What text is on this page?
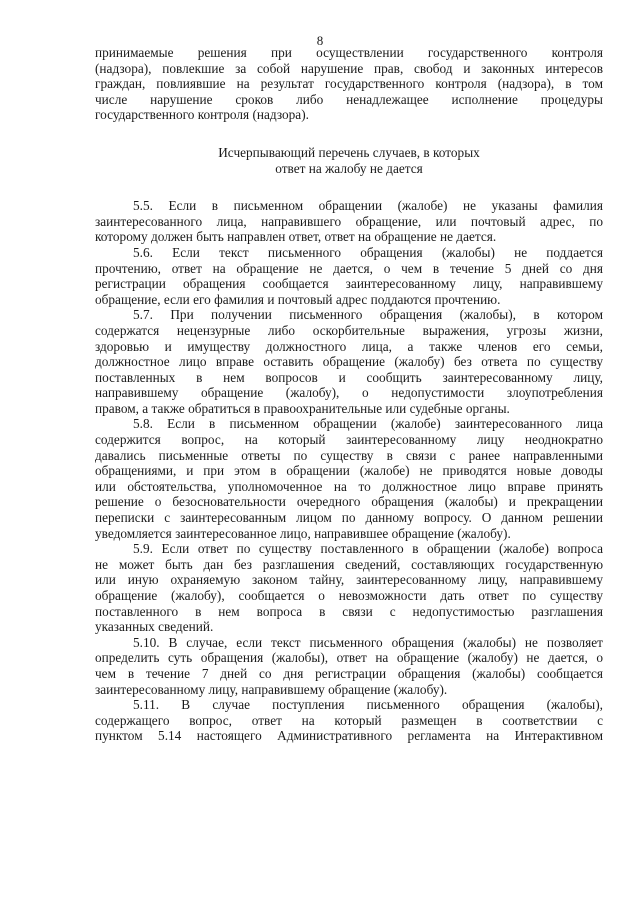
8
принимаемые решения при осуществлении государственного контроля
(надзора), повлекшие за собой нарушение прав, свобод и законных интересов
граждан, повлиявшие на результат государственного контроля (надзора), в том
числе нарушение сроков либо ненадлежащее исполнение процедуры
государственного контроля (надзора).
Исчерпывающий перечень случаев, в которых
ответ на жалобу не дается
5.5. Если в письменном обращении (жалобе) не указаны фамилия
заинтересованного лица, направившего обращение, или почтовый адрес, по
которому должен быть направлен ответ, ответ на обращение не дается.
5.6. Если текст письменного обращения (жалобы) не поддается
прочтению, ответ на обращение не дается, о чем в течение 5 дней со дня
регистрации обращения сообщается заинтересованному лицу, направившему
обращение, если его фамилия и почтовый адрес поддаются прочтению.
5.7. При получении письменного обращения (жалобы), в котором
содержатся нецензурные либо оскорбительные выражения, угрозы жизни,
здоровью и имуществу должностного лица, а также членов его семьи,
должностное лицо вправе оставить обращение (жалобу) без ответа по существу
поставленных в нем вопросов и сообщить заинтересованному лицу,
направившему обращение (жалобу), о недопустимости злоупотребления
правом, а также обратиться в правоохранительные или судебные органы.
5.8. Если в письменном обращении (жалобе) заинтересованного лица
содержится вопрос, на который заинтересованному лицу неоднократно
давались письменные ответы по существу в связи с ранее направленными
обращениями, и при этом в обращении (жалобе) не приводятся новые доводы
или обстоятельства, уполномоченное на то должностное лицо вправе принять
решение о безосновательности очередного обращения (жалобы) и прекращении
переписки с заинтересованным лицом по данному вопросу. О данном решении
уведомляется заинтересованное лицо, направившее обращение (жалобу).
5.9. Если ответ по существу поставленного в обращении (жалобе) вопроса
не может быть дан без разглашения сведений, составляющих государственную
или иную охраняемую законом тайну, заинтересованному лицу, направившему
обращение (жалобу), сообщается о невозможности дать ответ по существу
поставленного в нем вопроса в связи с недопустимостью разглашения
указанных сведений.
5.10. В случае, если текст письменного обращения (жалобы) не позволяет
определить суть обращения (жалобы), ответ на обращение (жалобу) не дается, о
чем в течение 7 дней со дня регистрации обращения (жалобы) сообщается
заинтересованному лицу, направившему обращение (жалобу).
5.11. В случае поступления письменного обращения (жалобы),
содержащего вопрос, ответ на который размещен в соответствии с
пунктом 5.14 настоящего Административного регламента на Интерактивном
